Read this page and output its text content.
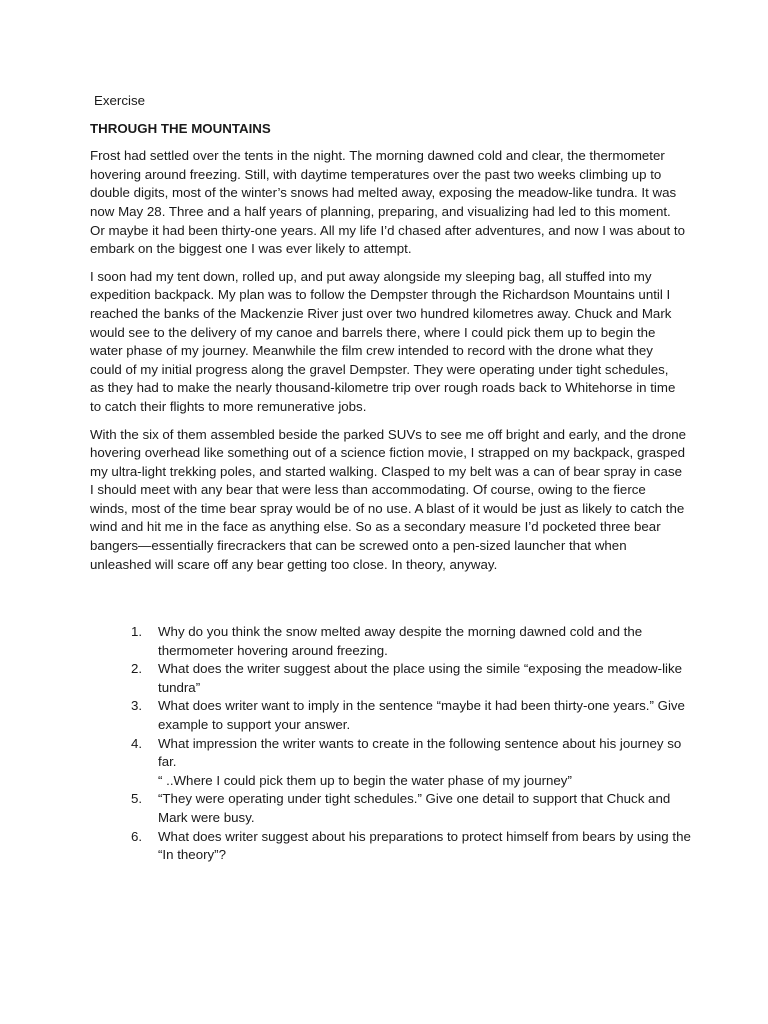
Exercise

THROUGH THE MOUNTAINS

Frost had settled over the tents in the night. The morning dawned cold and clear, the thermometer hovering around freezing. Still, with daytime temperatures over the past two weeks climbing up to double digits, most of the winter’s snows had melted away, exposing the meadow-like tundra. It was now May 28. Three and a half years of planning, preparing, and visualizing had led to this moment. Or maybe it had been thirty-one years. All my life I’d chased after adventures, and now I was about to embark on the biggest one I was ever likely to attempt.

I soon had my tent down, rolled up, and put away alongside my sleeping bag, all stuffed into my expedition backpack. My plan was to follow the Dempster through the Richardson Mountains until I reached the banks of the Mackenzie River just over two hundred kilometres away. Chuck and Mark would see to the delivery of my canoe and barrels there, where I could pick them up to begin the water phase of my journey. Meanwhile the film crew intended to record with the drone what they could of my initial progress along the gravel Dempster. They were operating under tight schedules, as they had to make the nearly thousand-kilometre trip over rough roads back to Whitehorse in time to catch their flights to more remunerative jobs.

With the six of them assembled beside the parked SUVs to see me off bright and early, and the drone hovering overhead like something out of a science fiction movie, I strapped on my backpack, grasped my ultra-light trekking poles, and started walking. Clasped to my belt was a can of bear spray in case I should meet with any bear that were less than accommodating. Of course, owing to the fierce winds, most of the time bear spray would be of no use. A blast of it would be just as likely to catch the wind and hit me in the face as anything else. So as a secondary measure I’d pocketed three bear bangers—essentially firecrackers that can be screwed onto a pen-sized launcher that when unleashed will scare off any bear getting too close. In theory, anyway.

1.	Why do you think the snow melted away despite the morning dawned cold and the thermometer hovering around freezing.
2.	What does the writer suggest about the place using the simile “exposing the meadow-like tundra”
3.	What does writer want to imply in the sentence “maybe it had been thirty-one years.” Give example to support your answer.
4.	What impression the writer wants to create in the following sentence about his journey so far.
“ ..Where I could pick them up to begin the water phase of my journey”
5.	“They were operating under tight schedules.” Give one detail to support that Chuck and Mark were busy.
6.	What does writer suggest about his preparations to protect himself from bears by using the “In theory”?
